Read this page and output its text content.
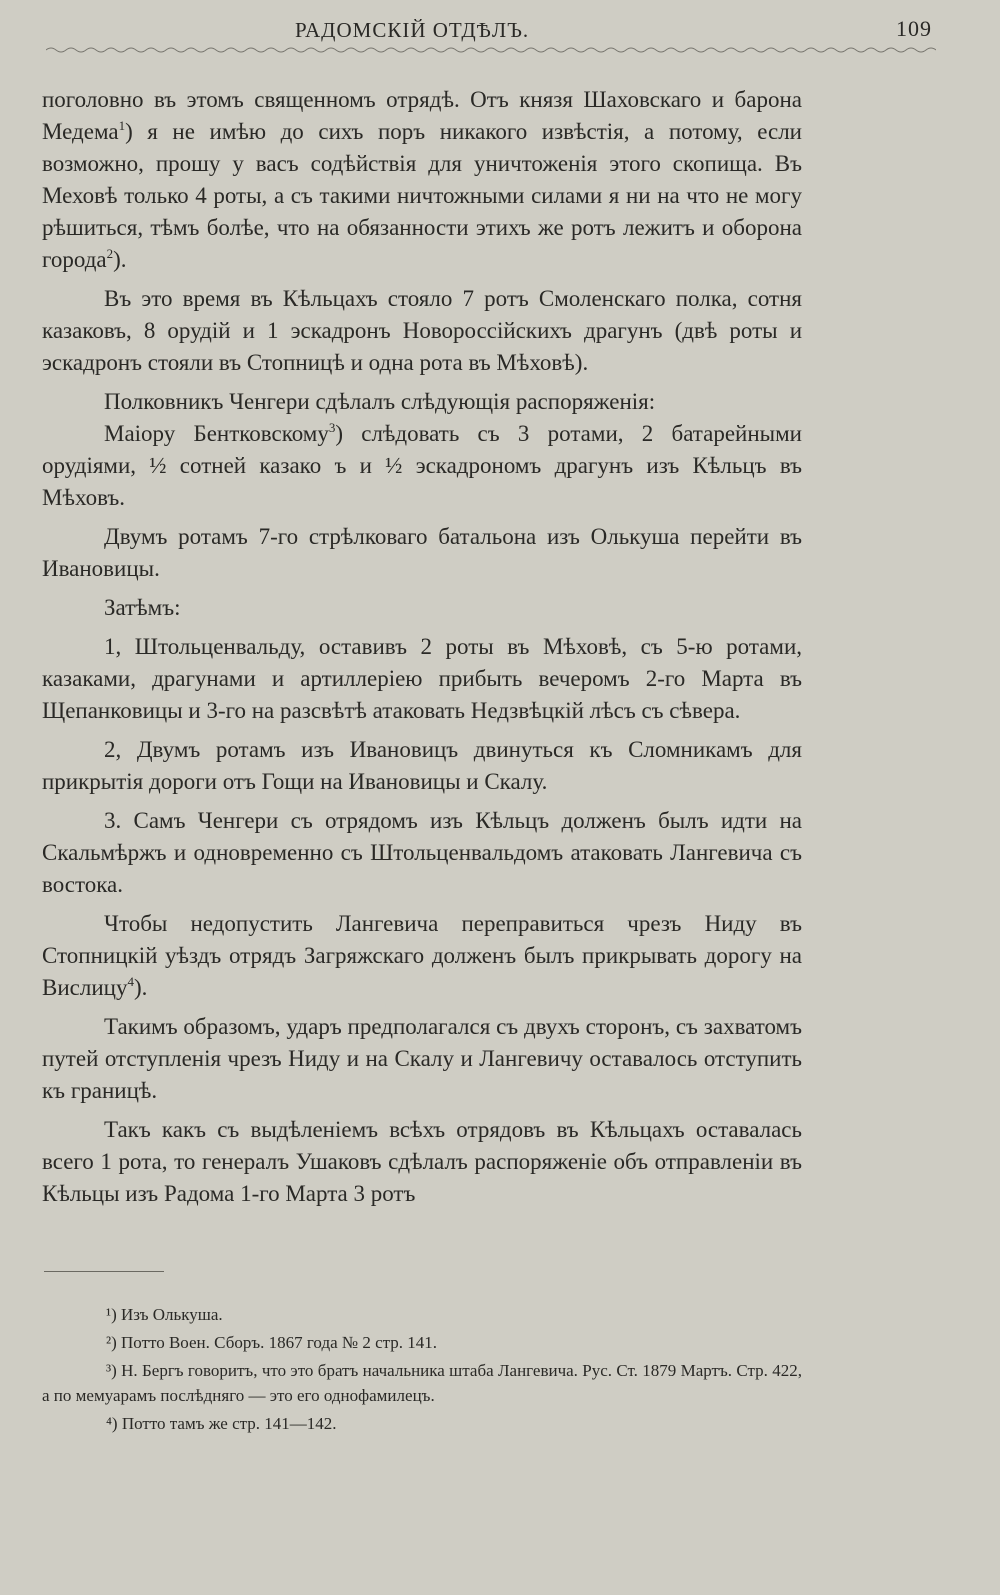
РАДОМСКІЙ ОТДѢЛЪ.	109

поголовно въ этомъ священномъ отрядѣ. Отъ князя Шаховскаго и барона Медема$^1$) я не имѣю до сихъ поръ никакого извѣстія, а потому, если возможно, прошу у васъ содѣйствія для уничтоженія этого скопища. Въ Меховѣ только 4 роты, а съ такими ничтожными силами я ни на что не могу рѣшиться, тѣмъ болѣе, что на обязанности этихъ же ротъ лежитъ и оборона города$^2$).

Въ это время въ Кѣльцахъ стояло 7 ротъ Смоленскаго полка, сотня казаковъ, 8 орудій и 1 эскадронъ Новороссійскихъ драгунъ (двѣ роты и эскадронъ стояли въ Стопницѣ и одна рота въ Мѣховѣ).

Полковникъ Ченгери сдѣлалъ слѣдующія распоряженія:

Маіору Бентковскому$^3$) слѣдовать съ 3 ротами, 2 батарейными орудіями, ½ сотней казако ъ и ½ эскадрономъ драгунъ изъ Кѣльцъ въ Мѣховъ.

Двумъ ротамъ 7-го стрѣлковаго батальона изъ Олькуша перейти въ Ивановицы.

Затѣмъ:

1, Штольценвальду, оставивъ 2 роты въ Мѣховѣ, съ 5-ю ротами, казаками, драгунами и артиллеріею прибыть вечеромъ 2-го Марта въ Щепанковицы и 3-го на разсвѣтѣ атаковать Недзвѣцкій лѣсъ съ сѣвера.

2, Двумъ ротамъ изъ Ивановицъ двинуться къ Сломникамъ для прикрытія дороги отъ Гощи на Ивановицы и Скалу.

3. Самъ Ченгери съ отрядомъ изъ Кѣльцъ долженъ былъ идти на Скальмѣржъ и одновременно съ Штольценвальдомъ атаковать Лангевича съ востока.

Чтобы недопустить Лангевича переправиться чрезъ Ниду въ Стопницкій уѣздъ отрядъ Загряжскаго долженъ былъ прикрывать дорогу на Вислицу$^4$).

Такимъ образомъ, ударъ предполагался съ двухъ сторонъ, съ захватомъ путей отступленія чрезъ Ниду и на Скалу и Лангевичу оставалось отступить къ границѣ.

Такъ какъ съ выдѣленіемъ всѣхъ отрядовъ въ Кѣльцахъ оставалась всего 1 рота, то генералъ Ушаковъ сдѣлалъ распоряженіе объ отправленіи въ Кѣльцы изъ Радома 1-го Марта 3 ротъ

¹) Изъ Олькуша.

²) Потто Воен. Сборъ. 1867 года № 2 стр. 141.

³) Н. Бергъ говоритъ, что это братъ начальника штаба Лангевича. Рус. Ст. 1879 Мартъ. Стр. 422, а по мемуарамъ послѣдняго — это его однофамилецъ.

⁴) Потто тамъ же стр. 141—142.
